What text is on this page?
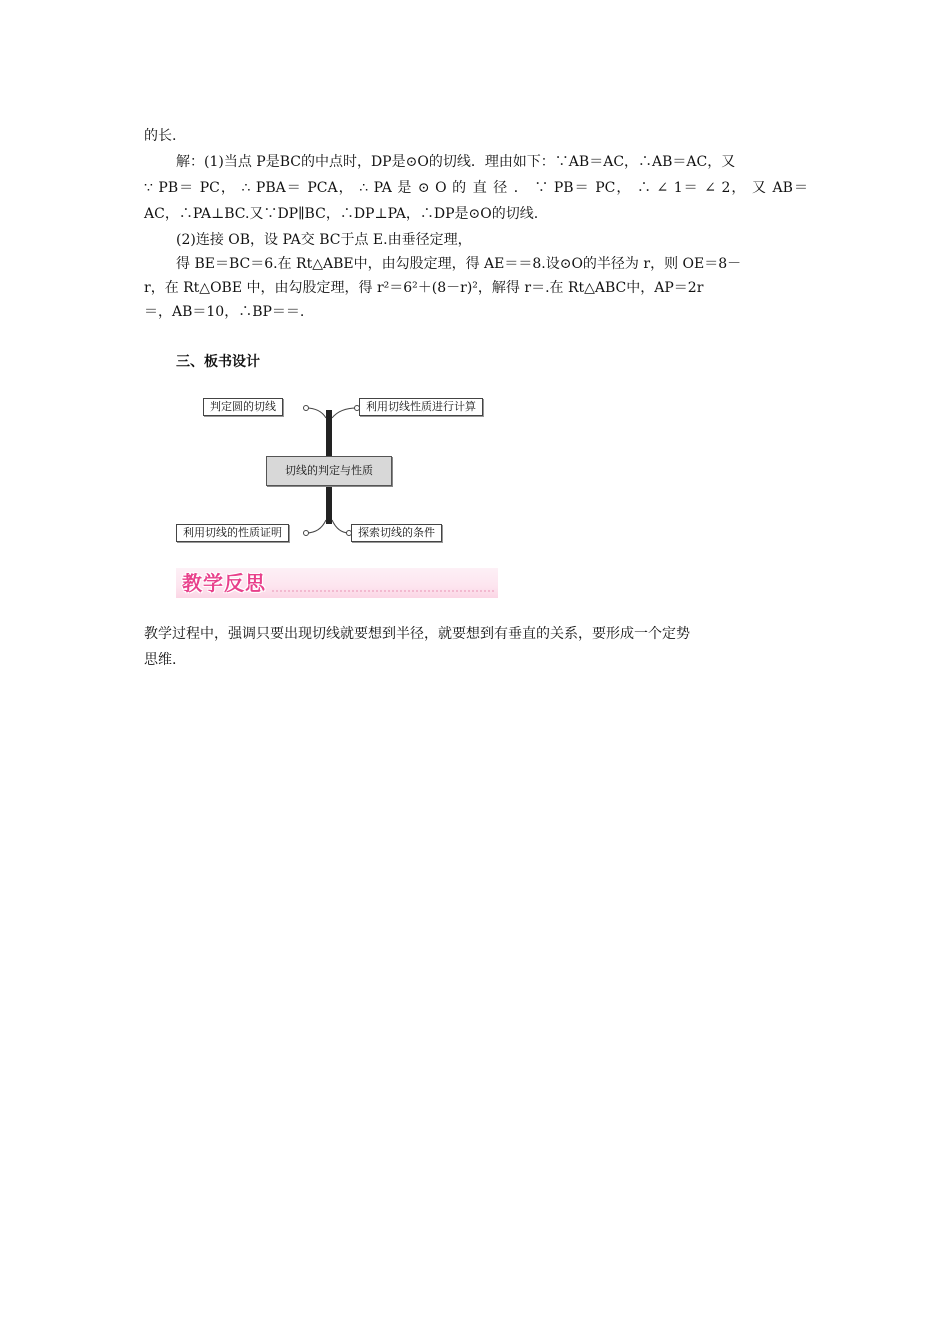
的长.
解：(1)当点 P是BC的中点时，DP是⊙O的切线．理由如下：∵AB＝AC，∴AB＝AC，又
∵ PB＝ PC， ∴ PBA＝ PCA， ∴ PA 是 ⊙ O 的 直 径 ． ∵ PB＝ PC， ∴ ∠ 1＝ ∠ 2， 又 AB＝
AC，∴PA⊥BC.又∵DP∥BC，∴DP⊥PA，∴DP是⊙O的切线.
(2)连接 OB，设 PA交 BC于点 E.由垂径定理，
得 BE＝BC＝6.在 Rt△ABE中，由勾股定理，得 AE＝＝8.设⊙O的半径为 r，则 OE＝8－
r，在 Rt△OBE 中，由勾股定理，得 r²＝6²＋(8－r)²，解得 r＝.在 Rt△ABC中，AP＝2r
＝，AB＝10，∴BP＝＝.
三、板书设计
判定圆的切线	利用切线性质进行计算
切线的判定与性质
利用切线的性质证明	探索切线的条件
教学反思
教学过程中，强调只要出现切线就要想到半径，就要想到有垂直的关系，要形成一个定势
思维.
